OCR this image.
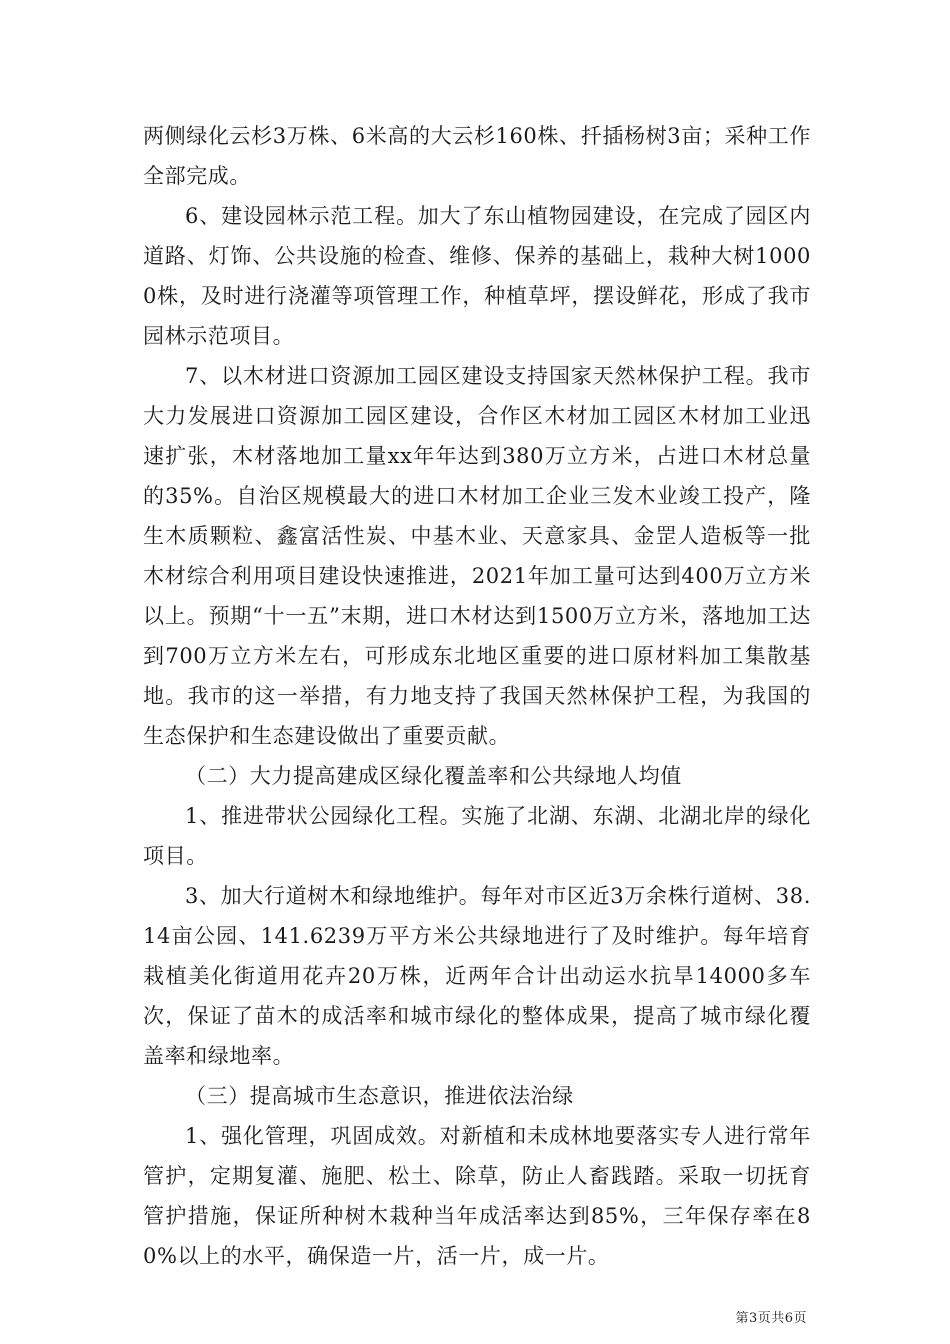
两侧绿化云杉3万株、6米高的大云杉160株、扦插杨树3亩；采种工作全部完成。

6、建设园林示范工程。加大了东山植物园建设，在完成了园区内道路、灯饰、公共设施的检查、维修、保养的基础上，栽种大树10000株，及时进行浇灌等项管理工作，种植草坪，摆设鲜花，形成了我市园林示范项目。

7、以木材进口资源加工园区建设支持国家天然林保护工程。我市大力发展进口资源加工园区建设，合作区木材加工园区木材加工业迅速扩张，木材落地加工量xx年年达到380万立方米，占进口木材总量的35%。自治区规模最大的进口木材加工企业三发木业竣工投产，隆生木质颗粒、鑫富活性炭、中基木业、天意家具、金罡人造板等一批木材综合利用项目建设快速推进，2021年加工量可达到400万立方米以上。预期“十一五”末期，进口木材达到1500万立方米，落地加工达到700万立方米左右，可形成东北地区重要的进口原材料加工集散基地。我市的这一举措，有力地支持了我国天然林保护工程，为我国的生态保护和生态建设做出了重要贡献。

（二）大力提高建成区绿化覆盖率和公共绿地人均值

1、推进带状公园绿化工程。实施了北湖、东湖、北湖北岸的绿化项目。

3、加大行道树木和绿地维护。每年对市区近3万余株行道树、38.14亩公园、141.6239万平方米公共绿地进行了及时维护。每年培育栽植美化街道用花卉20万株，近两年合计出动运水抗旱14000多车次，保证了苗木的成活率和城市绿化的整体成果，提高了城市绿化覆盖率和绿地率。

（三）提高城市生态意识，推进依法治绿

1、强化管理，巩固成效。对新植和未成林地要落实专人进行常年管护，定期复灌、施肥、松土、除草，防止人畜践踏。采取一切抚育管护措施，保证所种树木栽种当年成活率达到85%，三年保存率在80%以上的水平，确保造一片，活一片，成一片。

第3页共6页
